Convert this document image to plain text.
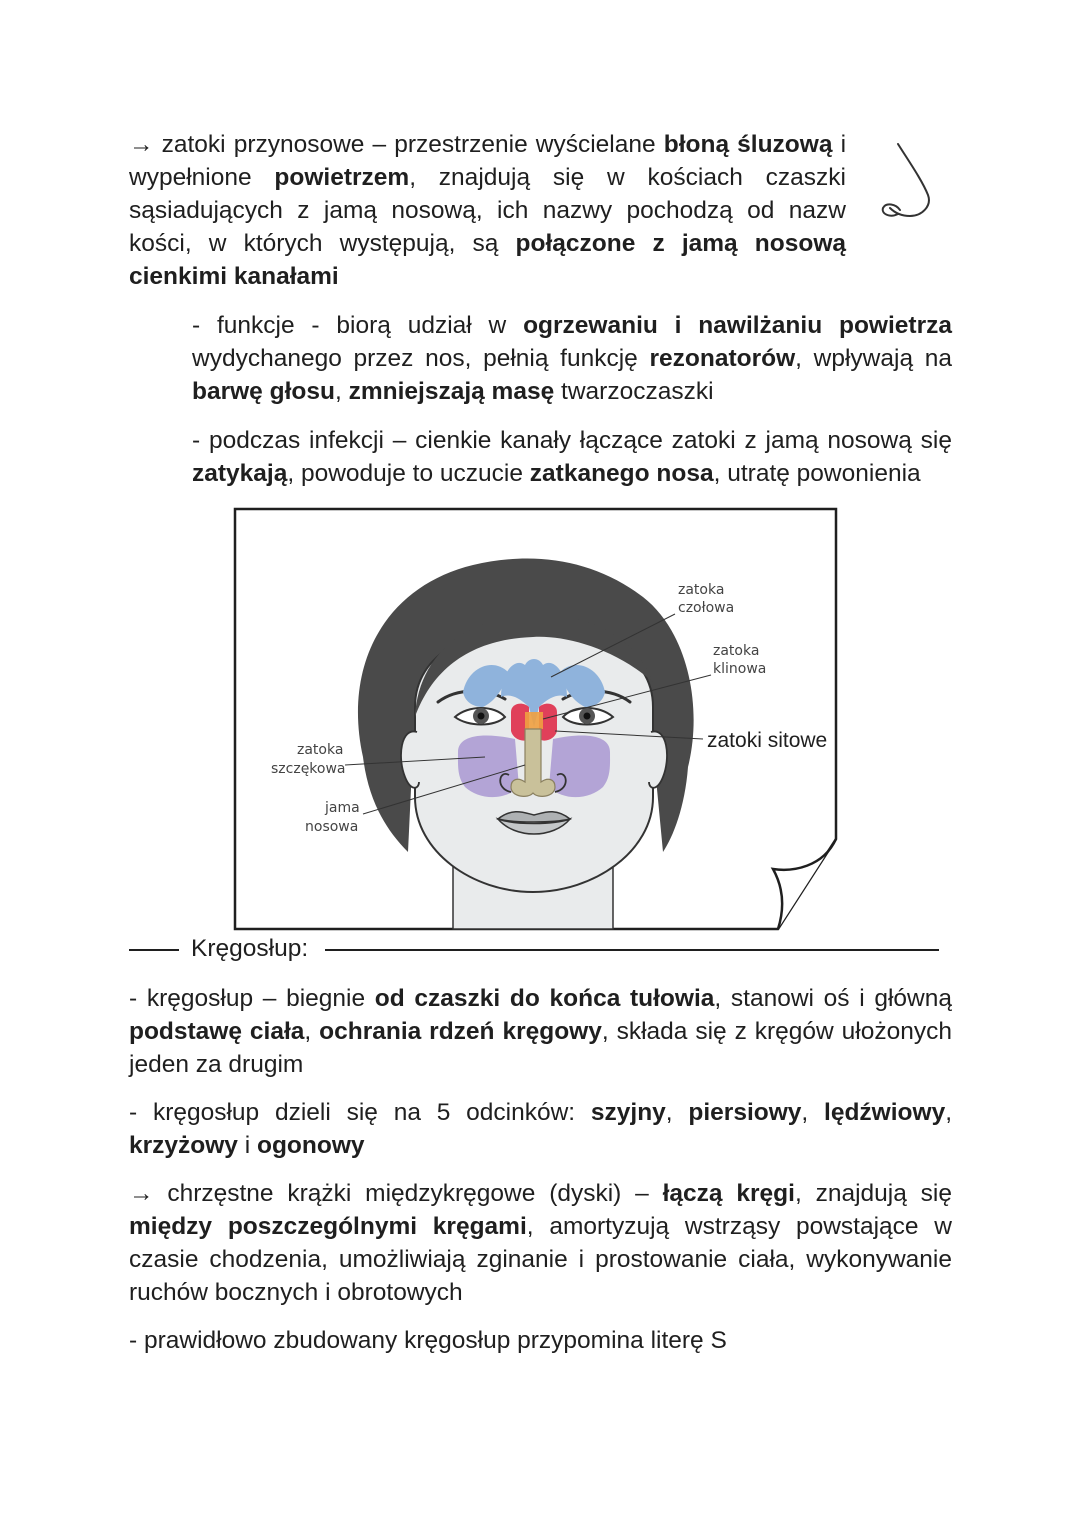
→ zatoki przynosowe – przestrzenie wyścielane błoną śluzową i wypełnione powietrzem, znajdują się w kościach czaszki sąsiadujących z jamą nosową, ich nazwy pochodzą od nazw kości, w których występują, są połączone z jamą nosową cienkimi kanałami

- funkcje - biorą udział w ogrzewaniu i nawilżaniu powietrza wydychanego przez nos, pełnią funkcję rezonatorów, wpływają na barwę głosu, zmniejszają masę twarzoczaszki

- podczas infekcji – cienkie kanały łączące zatoki z jamą nosową się zatykają, powoduje to uczucie zatkanego nosa, utratę powonienia

zatoka
czołowa
zatoka
klinowa
zatoki sitowe
zatoka
szczękowa
jama
nosowa
Kręgosłup:

- kręgosłup – biegnie od czaszki do końca tułowia, stanowi oś i główną podstawę ciała, ochrania rdzeń kręgowy, składa się z kręgów ułożonych jeden za drugim

- kręgosłup dzieli się na 5 odcinków: szyjny, piersiowy, lędźwiowy, krzyżowy i ogonowy

→ chrzęstne krążki międzykręgowe (dyski) – łączą kręgi, znajdują się między poszczególnymi kręgami, amortyzują wstrząsy powstające w czasie chodzenia, umożliwiają zginanie i prostowanie ciała, wykonywanie ruchów bocznych i obrotowych

- prawidłowo zbudowany kręgosłup przypomina literę S
